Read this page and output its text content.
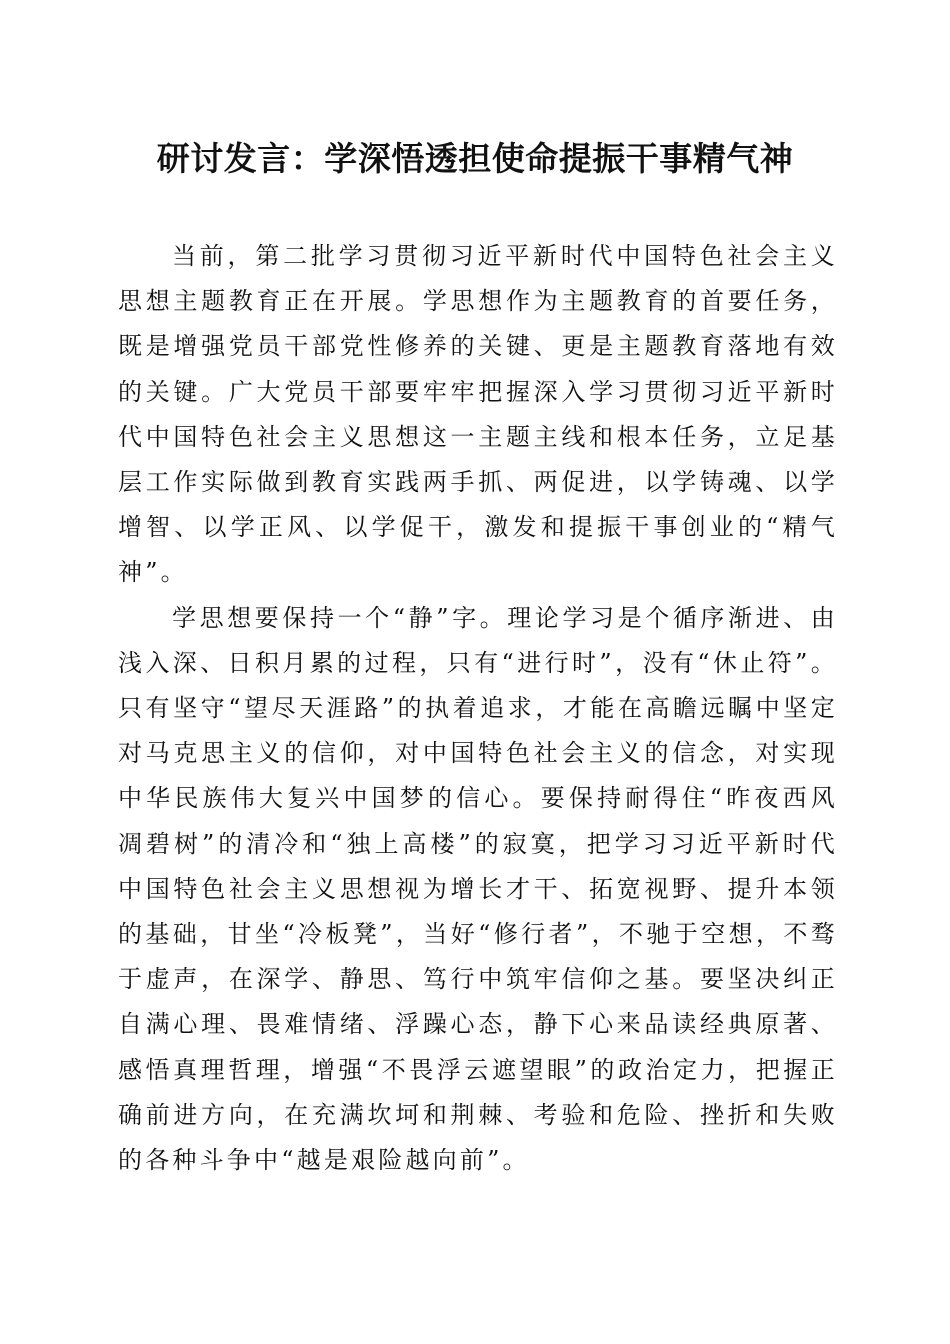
研讨发言：学深悟透担使命提振干事精气神

当前，第二批学习贯彻习近平新时代中国特色社会主义思想主题教育正在开展。学思想作为主题教育的首要任务，既是增强党员干部党性修养的关键、更是主题教育落地有效的关键。广大党员干部要牢牢把握深入学习贯彻习近平新时代中国特色社会主义思想这一主题主线和根本任务，立足基层工作实际做到教育实践两手抓、两促进，以学铸魂、以学增智、以学正风、以学促干，激发和提振干事创业的“精气神”。

学思想要保持一个“静”字。理论学习是个循序渐进、由浅入深、日积月累的过程，只有“进行时”，没有“休止符”。只有坚守“望尽天涯路”的执着追求，才能在高瞻远瞩中坚定对马克思主义的信仰，对中国特色社会主义的信念，对实现中华民族伟大复兴中国梦的信心。要保持耐得住“昨夜西风凋碧树”的清冷和“独上高楼”的寂寞，把学习习近平新时代中国特色社会主义思想视为增长才干、拓宽视野、提升本领的基础，甘坐“冷板凳”，当好“修行者”，不驰于空想，不骛于虚声，在深学、静思、笃行中筑牢信仰之基。要坚决纠正自满心理、畏难情绪、浮躁心态，静下心来品读经典原著、感悟真理哲理，增强“不畏浮云遮望眼”的政治定力，把握正确前进方向，在充满坎坷和荆棘、考验和危险、挫折和失败的各种斗争中“越是艰险越向前”。
